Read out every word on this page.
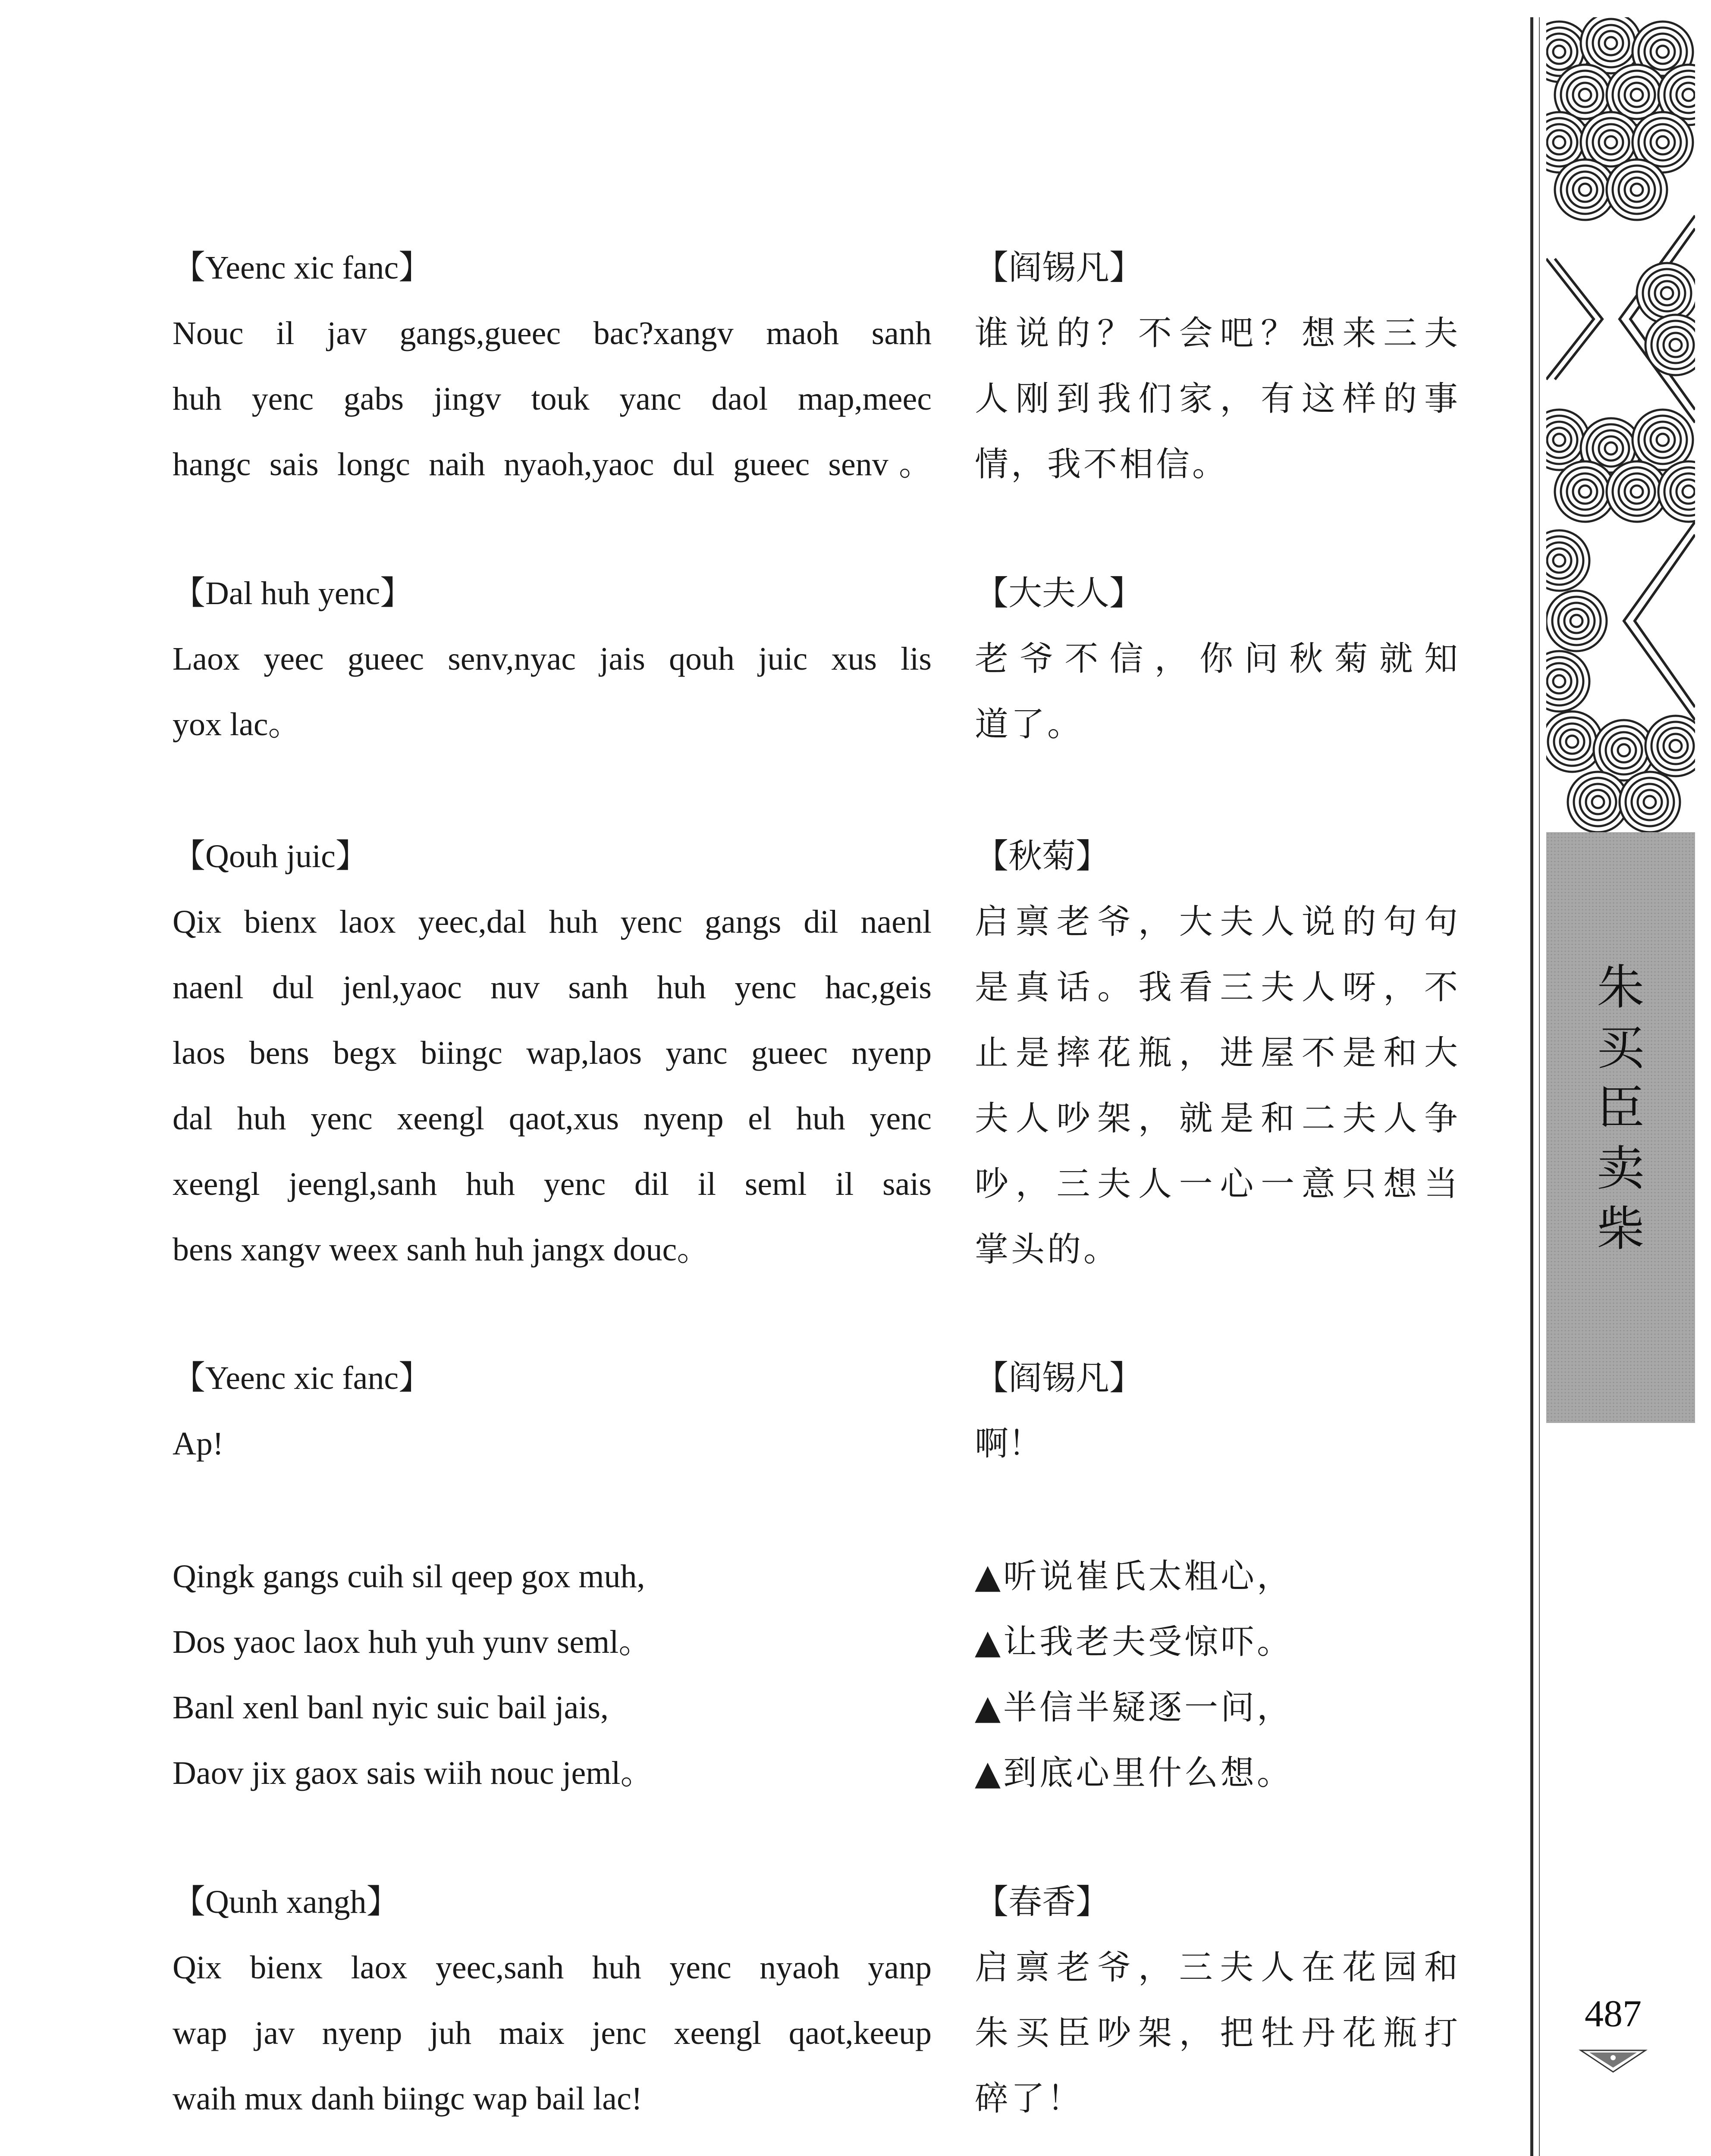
【Yeenc xic fanc】
Nouc il jav gangs,gueec bac?xangv maoh sanh
huh yenc gabs jingv touk yanc daol map,meec
hangc sais longc naih nyaoh,yaoc dul gueec senv。
【Dal huh yenc】
Laox yeec gueec senv,nyac jais qouh juic xus lis
yox lac。
【Qouh juic】
Qix bienx laox yeec,dal huh yenc gangs dil naenl
naenl dul jenl,yaoc nuv sanh huh yenc hac,geis
laos bens begx biingc wap,laos yanc gueec nyenp
dal huh yenc xeengl qaot,xus nyenp el huh yenc
xeengl jeengl,sanh huh yenc dil il seml il sais
bens xangv weex sanh huh jangx douc。
【Yeenc xic fanc】
Ap!
Qingk gangs cuih sil qeep gox muh,
Dos yaoc laox huh yuh yunv seml。
Banl xenl banl nyic suic bail jais,
Daov jix gaox sais wiih nouc jeml。
【Qunh xangh】
Qix bienx laox yeec,sanh huh yenc nyaoh yanp
wap jav nyenp juh maix jenc xeengl qaot,keeup
waih mux danh biingc wap bail lac!
【阎锡凡】
谁说的？不会吧？想来三夫
人刚到我们家，有这样的事
情，我不相信。
【大夫人】
老爷不信，你问秋菊就知
道了。
【秋菊】
启禀老爷，大夫人说的句句
是真话。我看三夫人呀，不
止是摔花瓶，进屋不是和大
夫人吵架，就是和二夫人争
吵，三夫人一心一意只想当
掌头的。
【阎锡凡】
啊！
▲听说崔氏太粗心，
▲让我老夫受惊吓。
▲半信半疑逐一问，
▲到底心里什么想。
【春香】
启禀老爷，三夫人在花园和
朱买臣吵架，把牡丹花瓶打
碎了！
朱
买
臣
卖
柴
487
